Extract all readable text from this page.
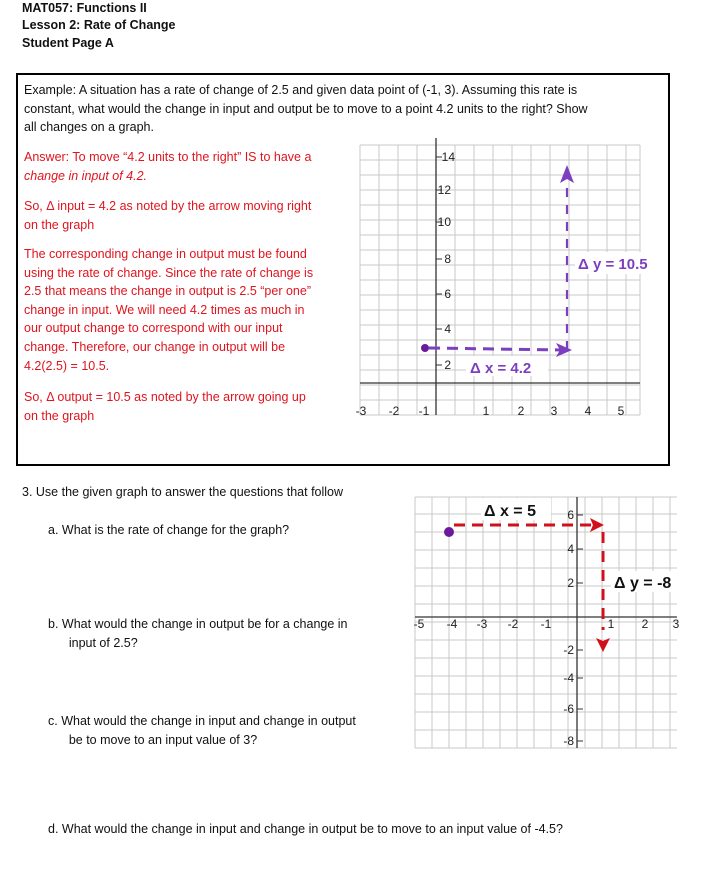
MAT057: Functions II
Lesson 2: Rate of Change
Student Page A
Example: A situation has a rate of change of 2.5 and given data point of (-1, 3). Assuming this rate is
constant, what would the change in input and output be to move to a point 4.2 units to the right? Show
all changes on a graph.
Answer: To move “4.2 units to the right” IS to have a
change in input of 4.2.
So, Δ input = 4.2 as noted by the arrow moving right
on the graph
The corresponding change in output must be found
using the rate of change. Since the rate of change is
2.5 that means the change in output is 2.5 “per one”
change in input. We will need 4.2 times as much in
our output change to correspond with our input
change. Therefore, our change in output will be
4.2(2.5) = 10.5.
So, Δ output = 10.5 as noted by the arrow going up
on the graph	-3 -2 -1	1 2 3 4 5
14
12
10
8
6
4
2 Δ x = 4.2
Δ y = 10.5
3. Use the given graph to answer the questions that follow
a. What is the rate of change for the graph?
b. What would the change in output be for a change in
input of 2.5?
c. What would the change in input and change in output
be to move to an input value of 3?
d. What would the change in input and change in output be to move to an input value of -4.5?
-5 -4 -3 -2 -1	1 2 3
6
4
2
-2
-4
-6
-8
Δ x = 5
Δ y = -8
